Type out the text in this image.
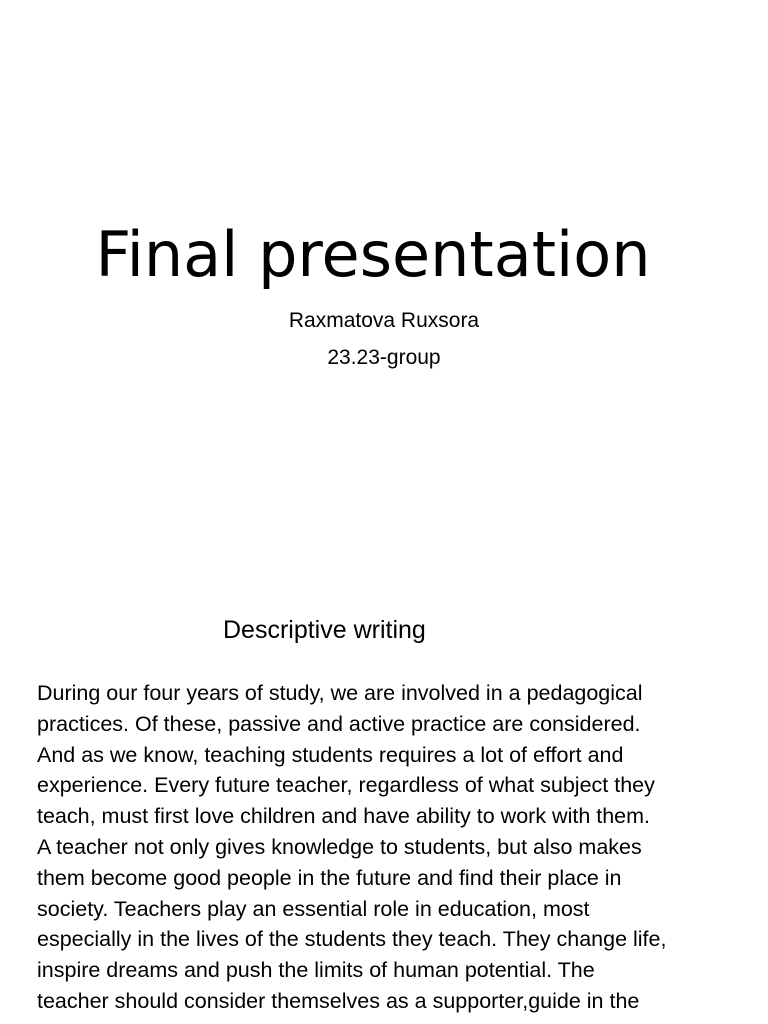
Final presentation
Raxmatova Ruxsora
23.23-group
Descriptive writing
During our four years of study, we are involved in a pedagogical
practices. Of these, passive and active practice are considered.
And as we know, teaching students requires a lot of effort and
experience. Every future teacher, regardless of what subject they
teach, must first love children and have ability to work with them.
A teacher not only gives knowledge to students, but also makes
them become good people in the future and find their place in
society. Teachers play an essential role in education, most
especially in the lives of the students they teach. They change life,
inspire dreams and push the limits of human potential. The
teacher should consider themselves as a supporter,guide in the
